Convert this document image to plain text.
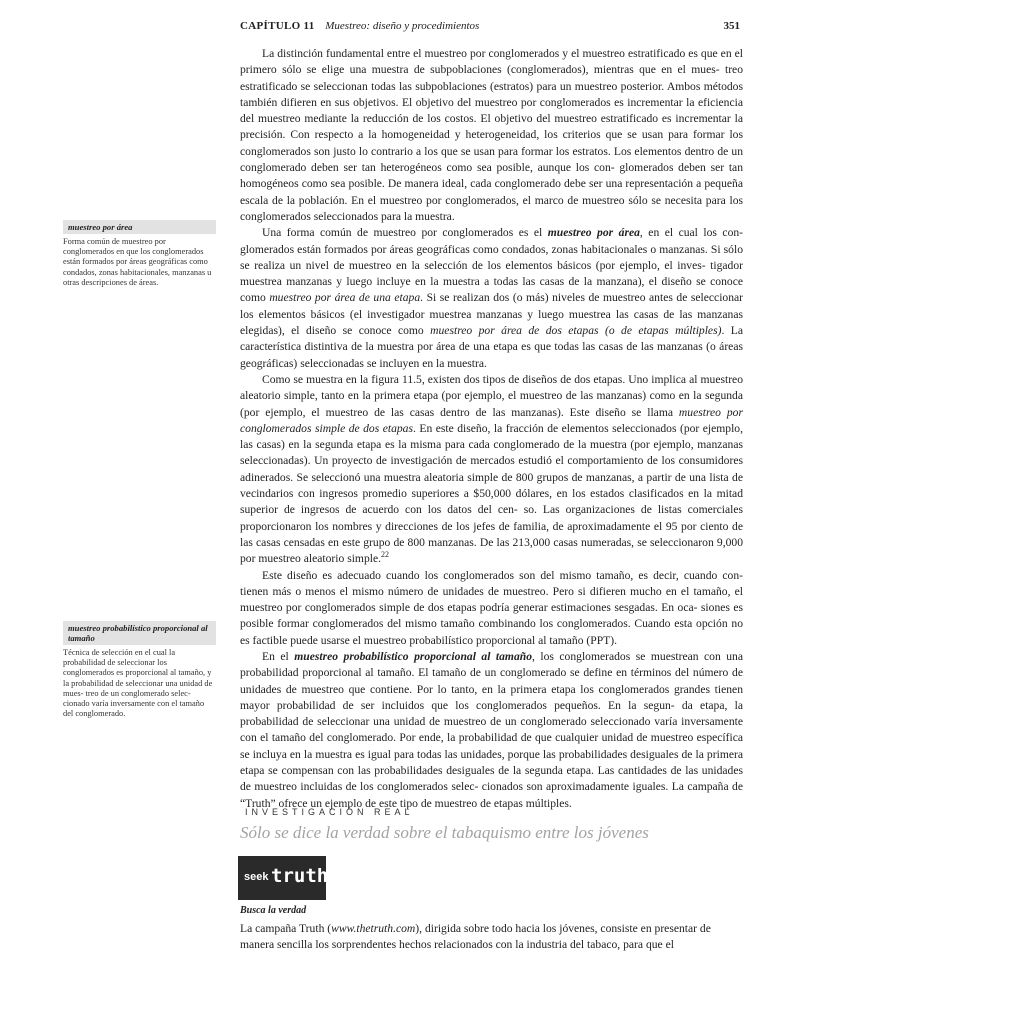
CAPÍTULO 11 Muestreo: diseño y procedimientos	351
muestreo por área
Forma común de muestreo por conglomerados en que los conglomerados están formados por áreas geográficas como condados, zonas habitacionales, manzanas u otras descripciones de áreas.
muestreo probabilístico proporcional al tamaño
Técnica de selección en el cual la probabilidad de seleccionar los conglomerados es proporcional al tamaño, y la probabilidad de seleccionar una unidad de mues- treo de un conglomerado selec- cionado varía inversamente con el tamaño del conglomerado.

La distinción fundamental entre el muestreo por conglomerados y el muestreo estratificado es que en el primero sólo se elige una muestra de subpoblaciones (conglomerados), mientras que en el mues- treo estratificado se seleccionan todas las subpoblaciones (estratos) para un muestreo posterior. Ambos métodos también difieren en sus objetivos. El objetivo del muestreo por conglomerados es incrementar la eficiencia del muestreo mediante la reducción de los costos. El objetivo del muestreo estratificado es incrementar la precisión. Con respecto a la homogeneidad y heterogeneidad, los criterios que se usan para formar los conglomerados son justo lo contrario a los que se usan para formar los estratos. Los elementos dentro de un conglomerado deben ser tan heterogéneos como sea posible, aunque los con- glomerados deben ser tan homogéneos como sea posible. De manera ideal, cada conglomerado debe ser una representación a pequeña escala de la población. En el muestreo por conglomerados, el marco de muestreo sólo se necesita para los conglomerados seleccionados para la muestra.

Una forma común de muestreo por conglomerados es el muestreo por área, en el cual los con- glomerados están formados por áreas geográficas como condados, zonas habitacionales o manzanas. Si sólo se realiza un nivel de muestreo en la selección de los elementos básicos (por ejemplo, el inves- tigador muestrea manzanas y luego incluye en la muestra a todas las casas de la manzana), el diseño se conoce como muestreo por área de una etapa. Si se realizan dos (o más) niveles de muestreo antes de seleccionar los elementos básicos (el investigador muestrea manzanas y luego muestrea las casas de las manzanas elegidas), el diseño se conoce como muestreo por área de dos etapas (o de etapas múltiples). La característica distintiva de la muestra por área de una etapa es que todas las casas de las manzanas (o áreas geográficas) seleccionadas se incluyen en la muestra.

Como se muestra en la figura 11.5, existen dos tipos de diseños de dos etapas. Uno implica al muestreo aleatorio simple, tanto en la primera etapa (por ejemplo, el muestreo de las manzanas) como en la segunda (por ejemplo, el muestreo de las casas dentro de las manzanas). Este diseño se llama muestreo por conglomerados simple de dos etapas. En este diseño, la fracción de elementos seleccionados (por ejemplo, las casas) en la segunda etapa es la misma para cada conglomerado de la muestra (por ejemplo, manzanas seleccionadas). Un proyecto de investigación de mercados estudió el comportamiento de los consumidores adinerados. Se seleccionó una muestra aleatoria simple de 800 grupos de manzanas, a partir de una lista de vecindarios con ingresos promedio superiores a $50,000 dólares, en los estados clasificados en la mitad superior de ingresos de acuerdo con los datos del cen- so. Las organizaciones de listas comerciales proporcionaron los nombres y direcciones de los jefes de familia, de aproximadamente el 95 por ciento de las casas censadas en este grupo de 800 manzanas. De las 213,000 casas numeradas, se seleccionaron 9,000 por muestreo aleatorio simple.$^{22}$

Este diseño es adecuado cuando los conglomerados son del mismo tamaño, es decir, cuando con- tienen más o menos el mismo número de unidades de muestreo. Pero si difieren mucho en el tamaño, el muestreo por conglomerados simple de dos etapas podría generar estimaciones sesgadas. En oca- siones es posible formar conglomerados del mismo tamaño combinando los conglomerados. Cuando esta opción no es factible puede usarse el muestreo probabilístico proporcional al tamaño (PPT).

En el muestreo probabilístico proporcional al tamaño, los conglomerados se muestrean con una probabilidad proporcional al tamaño. El tamaño de un conglomerado se define en términos del número de unidades de muestreo que contiene. Por lo tanto, en la primera etapa los conglomerados grandes tienen mayor probabilidad de ser incluidos que los conglomerados pequeños. En la segun- da etapa, la probabilidad de seleccionar una unidad de muestreo de un conglomerado seleccionado varía inversamente con el tamaño del conglomerado. Por ende, la probabilidad de que cualquier unidad de muestreo específica se incluya en la muestra es igual para todas las unidades, porque las probabilidades desiguales de la primera etapa se compensan con las probabilidades desiguales de la segunda etapa. Las cantidades de las unidades de muestreo incluidas de los conglomerados selec- cionados son aproximadamente iguales. La campaña de “Truth” ofrece un ejemplo de este tipo de muestreo de etapas múltiples.

INVESTIGACIÓN REAL
Sólo se dice la verdad sobre el tabaquismo entre los jóvenes
seek truth
Busca la verdad
La campaña Truth (www.thetruth.com), dirigida sobre todo hacia los jóvenes, consiste en presentar de manera sencilla los sorprendentes hechos relacionados con la industria del tabaco, para que el
